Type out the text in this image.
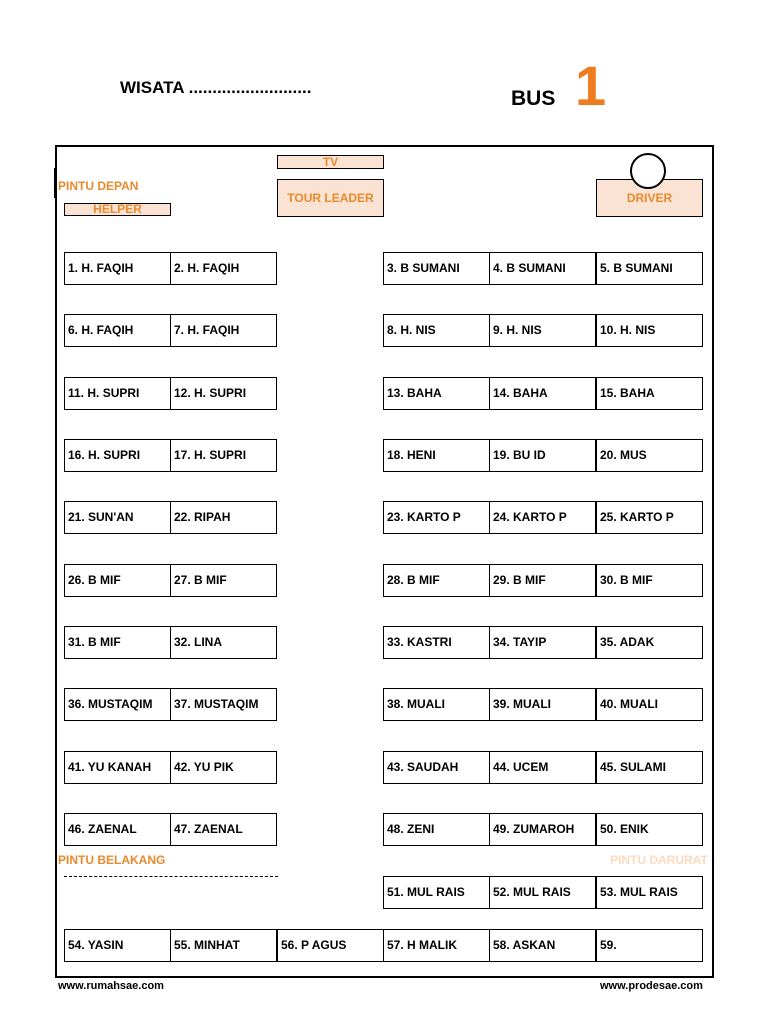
WISATA ..........................	BUS 1
TV
TOUR LEADER	DRIVER
PINTU DEPAN
HELPER
1. H. FAQIH	2. H. FAQIH	3. B SUMANI	4. B SUMANI	5. B SUMANI
6. H. FAQIH	7. H. FAQIH	8. H. NIS	9. H. NIS	10. H. NIS
11. H. SUPRI	12. H. SUPRI	13. BAHA	14. BAHA	15. BAHA
16. H. SUPRI	17. H. SUPRI	18. HENI	19. BU ID	20. MUS
21. SUN'AN	22. RIPAH	23. KARTO P	24. KARTO P	25. KARTO P
26. B MIF	27. B MIF	28. B MIF	29. B MIF	30. B MIF
31. B MIF	32. LINA	33. KASTRI	34. TAYIP	35. ADAK
36. MUSTAQIM	37. MUSTAQIM	38. MUALI	39. MUALI	40. MUALI
41. YU KANAH	42. YU PIK	43. SAUDAH	44. UCEM	45. SULAMI
46. ZAENAL	47. ZAENAL	48. ZENI	49. ZUMAROH	50. ENIK
PINTU BELAKANG	PINTU DARURAT
51. MUL RAIS	52. MUL RAIS	53. MUL RAIS
54. YASIN	55. MINHAT	56. P AGUS	57. H MALIK	58. ASKAN	59.
www.rumahsae.com	www.prodesae.com
